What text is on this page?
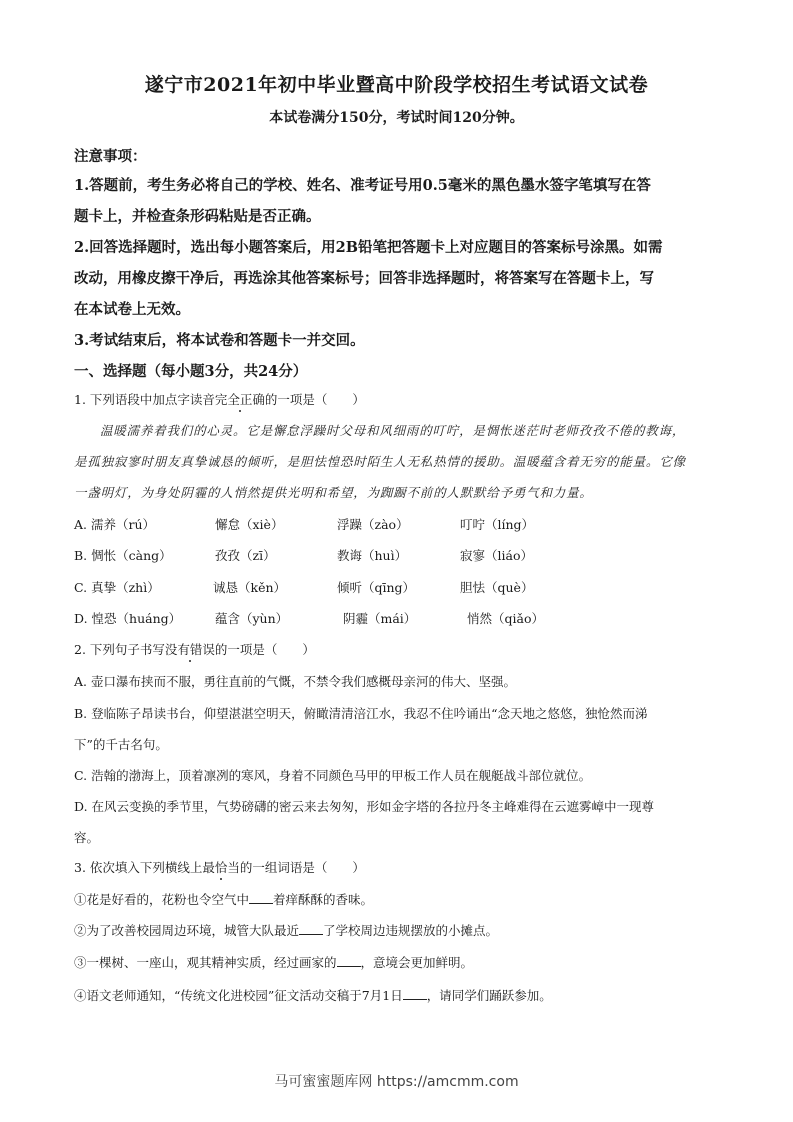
遂宁市2021年初中毕业暨高中阶段学校招生考试语文试卷
本试卷满分150分，考试时间120分钟。
注意事项：
1.答题前，考生务必将自己的学校、姓名、准考证号用0.5毫米的黑色墨水签字笔填写在答
题卡上，并检查条形码粘贴是否正确。
2.回答选择题时，选出每小题答案后，用2B铅笔把答题卡上对应题目的答案标号涂黑。如需
改动，用橡皮擦干净后，再选涂其他答案标号；回答非选择题时，将答案写在答题卡上，写
在本试卷上无效。
3.考试结束后，将本试卷和答题卡一并交回。
一、选择题（每小题3分，共24分）
1. 下列语段中加点字读音完全正确的一项是（　　）
温暖濡养着我们的心灵。它是懈怠浮躁时父母和风细雨的叮咛，是惆怅迷茫时老师孜孜不倦的教诲，
是孤独寂寥时朋友真挚诚恳的倾听，是胆怯惶恐时陌生人无私热情的援助。温暖蕴含着无穷的能量。它像
一盏明灯，为身处阴霾的人悄然提供光明和希望，为踟蹰不前的人默默给予勇气和力量。
A. 濡养（rú）	懈怠（xiè）	浮躁（zào）	叮咛（líng）
B. 惆怅（càng）	孜孜（zī）	教诲（huì）	寂寥（liáo）
C. 真挚（zhì）	诚恳（kěn）	倾听（qīng）	胆怯（què）
D. 惶恐（huáng）	蕴含（yùn）	阴霾（mái）	悄然（qiǎo）
2. 下列句子书写没有错误的一项是（　　）
A. 壶口瀑布挟而不服，勇往直前的气慨，不禁令我们感概母亲河的伟大、坚强。
B. 登临陈子昂读书台，仰望湛湛空明天，俯瞰清清涪江水，我忍不住吟诵出“念天地之悠悠，独怆然而涕
下”的千古名句。
C. 浩翰的渤海上，顶着凛冽的寒风，身着不同颜色马甲的甲板工作人员在舰艇战斗部位就位。
D. 在风云变换的季节里，气势磅礴的密云来去匆匆，形如金字塔的各拉丹冬主峰难得在云遮雾嶂中一现尊
容。
3. 依次填入下列横线上最恰当的一组词语是（　　）
①花是好看的，花粉也令空气中 着痒酥酥的香味。
②为了改善校园周边环境，城管大队最近 了学校周边违规摆放的小摊点。
③一棵树、一座山，观其精神实质，经过画家的 ，意境会更加鲜明。
④语文老师通知，“传统文化进校园”征文活动交稿于7月1日 ，请同学们踊跃参加。
马可蜜蜜题库网 https://amcmm.com
